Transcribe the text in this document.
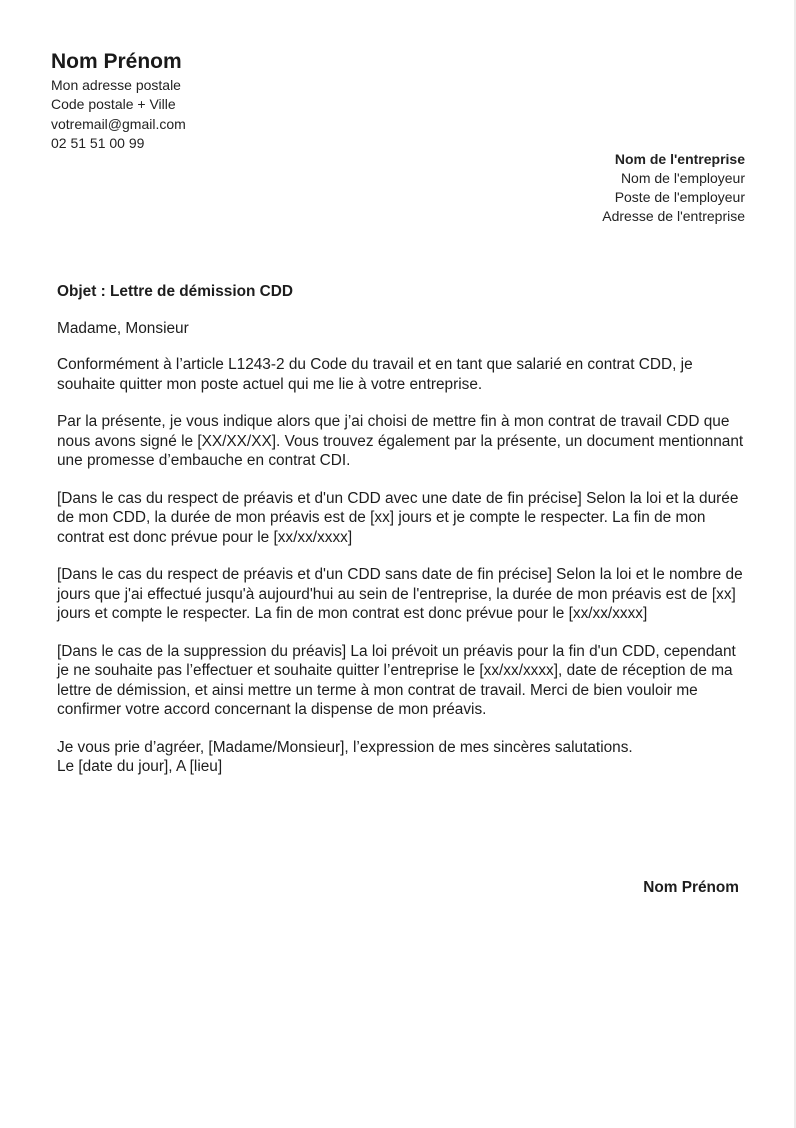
Nom Prénom
Mon adresse postale
Code postale + Ville
votremail@gmail.com
02 51 51 00 99
Nom de l'entreprise
Nom de l'employeur
Poste de l'employeur
Adresse de l'entreprise

Objet : Lettre de démission CDD

Madame, Monsieur

Conformément à l’article L1243-2 du Code du travail et en tant que salarié en contrat CDD, je souhaite quitter mon poste actuel qui me lie à votre entreprise.

Par la présente, je vous indique alors que j’ai choisi de mettre fin à mon contrat de travail CDD que nous avons signé le [XX/XX/XX]. Vous trouvez également par la présente, un document mentionnant une promesse d’embauche en contrat CDI.

[Dans le cas du respect de préavis et d'un CDD avec une date de fin précise] Selon la loi et la durée de mon CDD, la durée de mon préavis est de [xx] jours et je compte le respecter. La fin de mon contrat est donc prévue pour le [xx/xx/xxxx]

[Dans le cas du respect de préavis et d'un CDD sans date de fin précise] Selon la loi et le nombre de jours que j'ai effectué jusqu'à aujourd'hui au sein de l'entreprise, la durée de mon préavis est de [xx] jours et compte le respecter. La fin de mon contrat est donc prévue pour le [xx/xx/xxxx]

[Dans le cas de la suppression du préavis] La loi prévoit un préavis pour la fin d'un CDD, cependant je ne souhaite pas l’effectuer et souhaite quitter l’entreprise le [xx/xx/xxxx], date de réception de ma lettre de démission, et ainsi mettre un terme à mon contrat de travail. Merci de bien vouloir me confirmer votre accord concernant la dispense de mon préavis.

Je vous prie d’agréer, [Madame/Monsieur], l’expression de mes sincères salutations.

Le [date du jour], A [lieu]

Nom Prénom
